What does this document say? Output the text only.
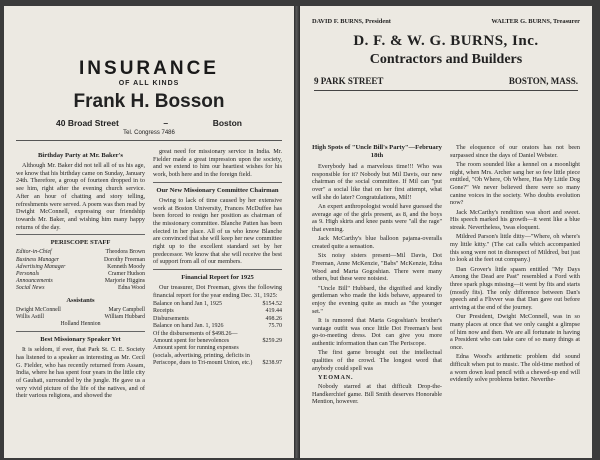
INSURANCE
OF ALL KINDS
Frank H. Bosson
40 Broad Street	–	Boston
Tel. Congress 7486
Birthday Party at Mr. Baker's

Although Mr. Baker did not tell all of us his age, we know that his birthday came on Sunday, January 24th. Therefore, a group of fourteen dropped in to see him, right after the evening church service. After an hour of chatting and story telling, refreshments were served. A poem was then read by Dwight McConnell, expressing our friendship towards Mr. Baker, and wishing him many happy returns of the day.

PERISCOPE STAFF
Editor-in-Chief	Theodora Brown
Business Manager	Dorothy Freeman
Advertising Manager	Kenneth Moody
Personals	Cramer Hudson
Announcements	Marjorie Higgins
Social News	Edna Wood
Assistants
Dwight McConnell	Mary Campbell
Willis Astill	William Hubbard
Holland Hennion
Best Missionary Speaker Yet

It is seldom, if ever, that Park St. C. E. Society has listened to a speaker as interesting as Mr. Cecil G. Fielder, who has recently returned from Assam, India, where he has spent four years in the little city of Gauhati, surrounded by the jungle. He gave us a very vivid picture of the life of the natives, and of their various religions, and showed the

great need for missionary service in India. Mr. Fielder made a great impression upon the society, and we extend to him our heartiest wishes for his work, both here and in the foreign field.

Our New Missionary Committee Chairman

Owing to lack of time caused by her extensive work at Boston University, Frances McDuffee has been forced to resign her position as chairman of the missionary committee. Blanche Patten has been elected in her place. All of us who know Blanche are convinced that she will keep her new committee right up to the excellent standard set by her predecessor. We know that she will receive the best of support from all of our members.

Financial Report for 1925

Our treasurer, Dot Freeman, gives the following financial report for the year ending Dec. 31, 1925:

Balance on hand Jan 1, 1925	$154.52
Receipts	419.44
Disbursements	498.26
Balance on hand Jan. 1, 1926	75.70
Of the disbursements of $498.26—
Amount spent for benevolences	$259.29
Amount spent for running expenses (socials, advertising, printing, deficits in Periscope, dues to Tri-mount Union, etc.) $238.97
DAVID F. BURNS, President	WALTER G. BURNS, Treasurer
D. F. & W. G. BURNS, Inc.
Contractors and Builders
9 PARK STREET	BOSTON, MASS.
High Spots of "Uncle Bill's Party"—February 18th

Everybody had a marvelous time!!! Who was responsible for it? Nobody but Mil Davis, our new chairman of the social committee. If Mil can "put over" a social like that on her first attempt, what will she do later? Congratulations, Mil!!

An expert anthropologist would have guessed the average age of the girls present, as 8, and the boys as 9. High skirts and knee pants were "all the rage" that evening.

Jack McCarthy's blue balloon pajama-overalls created quite a sensation.

Six noisy sisters present—Mil Davis, Dot Freeman, Anne McKenzie, "Babs" McKenzie, Edna Wood and Marta Gogoshian. There were many others, but these were noisiest.

"Uncle Bill" Hubbard, the dignified and kindly gentleman who made the kids behave, appeared to enjoy the evening quite as much as "the younger set."

It is rumored that Marta Gogoshian's brother's vantage outfit was once little Dot Freeman's best go-to-meeting dress. Dot can give you more authentic information than can The Periscope.

The first game brought out the intellectual qualities of the crowd. The longest word that anybody could spell was

YEOMAN.

Nobody starred at that difficult Drop-the-Handkerchief game. Bill Smith deserves Honorable Mention, however.

The eloquence of our orators has not been surpassed since the days of Daniel Webster.

The room sounded like a kennel on a moonlight night, when Mrs. Archer sang her so few little piece entitled, "Oh Where, Oh Where, Has My Little Dog Gone?" We never believed there were so many canine voices in the society. Who doubts evolution now?

Jack McCarthy's rendition was short and sweet. His speech marked his growth—it went like a blue streak. Nevertheless, 'twas eloquent.

Mildred Parson's little ditty—"Where, oh where's my little kitty." (The cat calls which accompanied this song were not in disrespect of Mildred, but just to look at the feet out company.)

Dan Grover's little spasm entitled "My Days Among the Dead are Past" resembled a Ford with three spark plugs missing—it went by fits and starts (mostly fits). The only difference between Dan's speech and a Flivver was that Dan gave out before arriving at the end of the journey.

Our President, Dwight McConnell, was in so many places at once that we only caught a glimpse of him now and then. We are all fortunate in having a President who can take care of so many things at once.

Edna Wood's arithmetic problem did sound difficult when put to music. The old-time method of a worn down lead pencil with a chewed-up end will evidently solve problems better. Neverthe-
